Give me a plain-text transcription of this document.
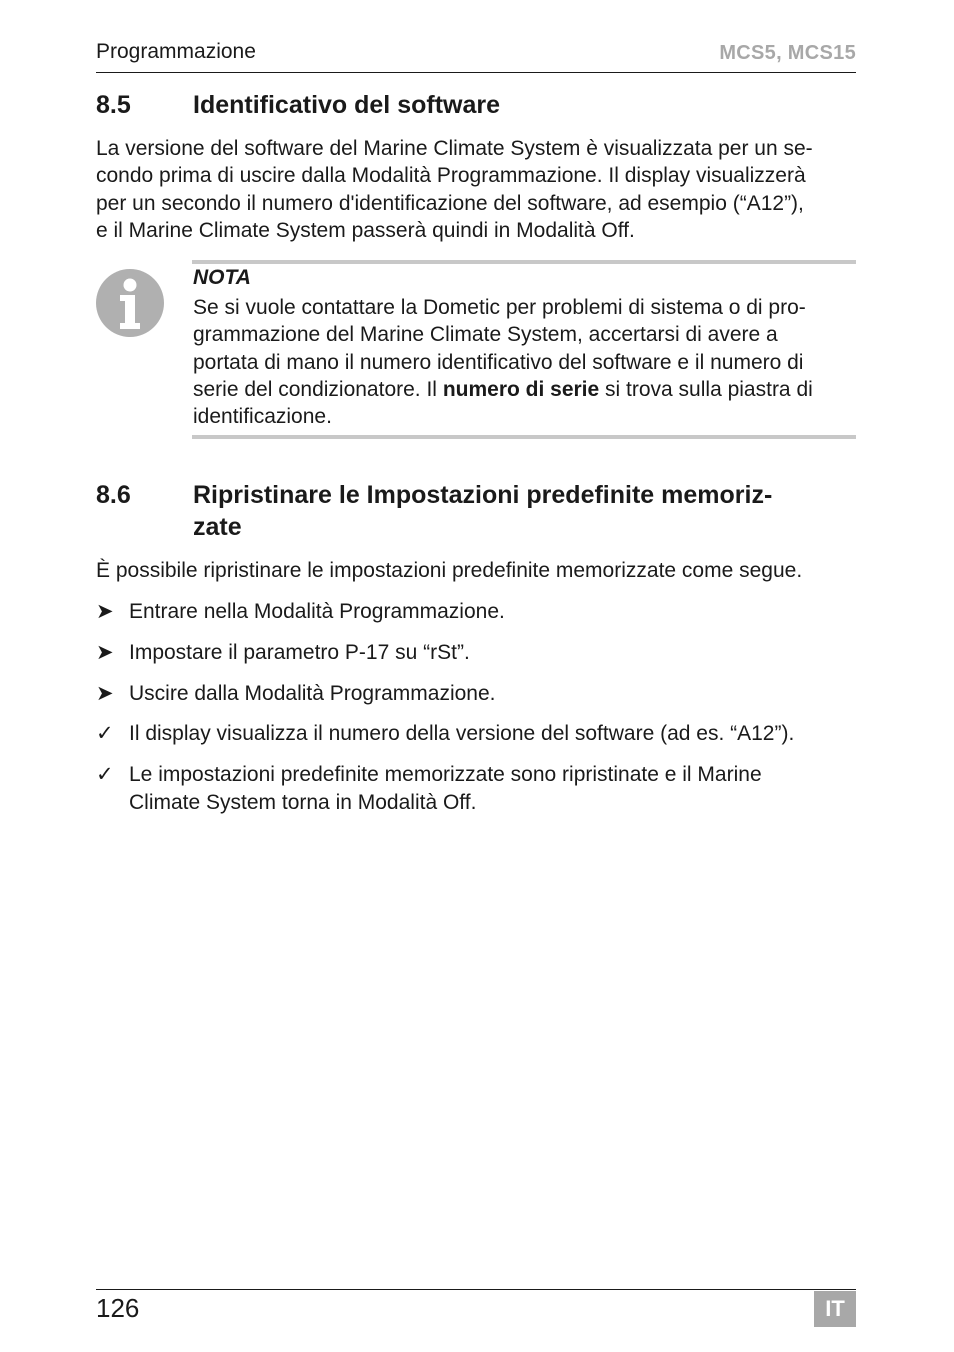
Programmazione	MCS5, MCS15
8.5 Identificativo del software

La versione del software del Marine Climate System è visualizzata per un se-
condo prima di uscire dalla Modalità Programmazione. Il display visualizzerà
per un secondo il numero d'identificazione del software, ad esempio (“A12”),
e il Marine Climate System passerà quindi in Modalità Off.

NOTA
Se si vuole contattare la Dometic per problemi di sistema o di pro-
grammazione del Marine Climate System, accertarsi di avere a
portata di mano il numero identificativo del software e il numero di
serie del condizionatore. Il numero di serie si trova sulla piastra di
identificazione.
8.6 Ripristinare le Impostazioni predefinite memoriz-
zate

È possibile ripristinare le impostazioni predefinite memorizzate come segue.

➤ Entrare nella Modalità Programmazione.
➤ Impostare il parametro P-17 su “rSt”.
➤ Uscire dalla Modalità Programmazione.
✓ Il display visualizza il numero della versione del software (ad es. “A12”).
✓ Le impostazioni predefinite memorizzate sono ripristinate e il Marine
Climate System torna in Modalità Off.
126	IT
